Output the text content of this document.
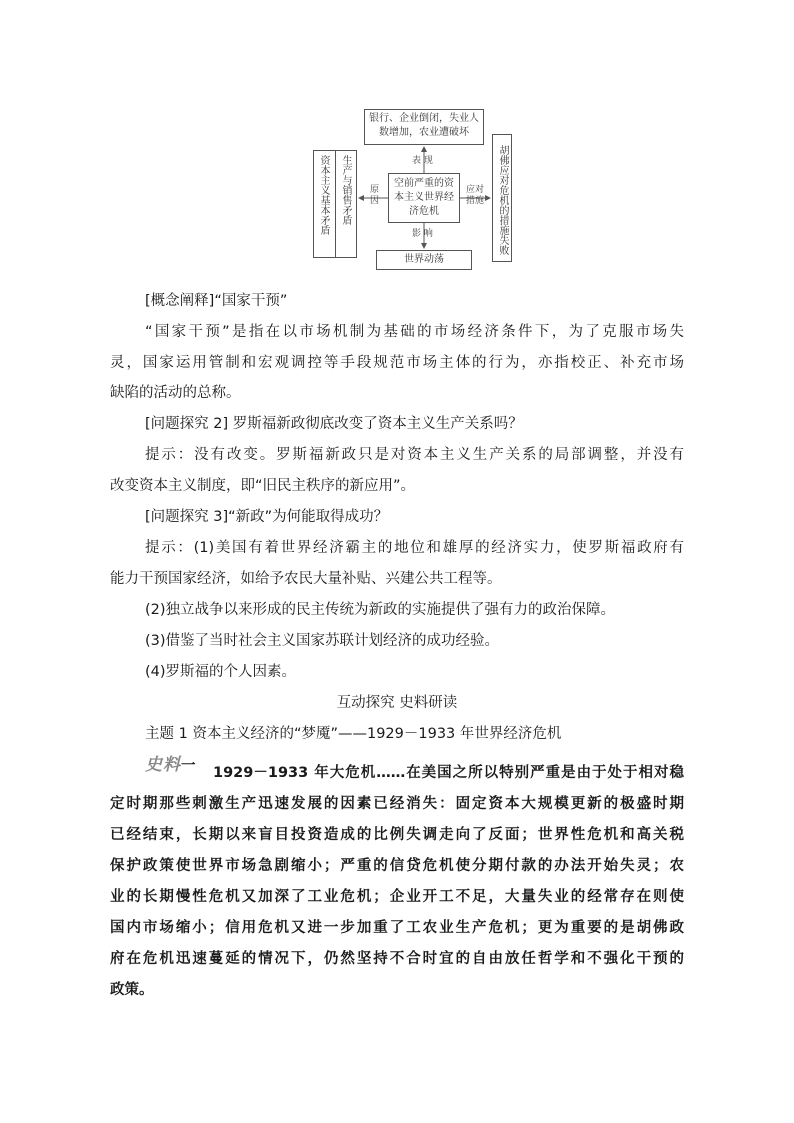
银行、企业倒闭，失业人数增加，农业遭破坏
空前严重的资本主义世界经济危机
资本主义基本矛盾 生产与销售矛盾
世界动荡
胡佛应对危机的措施失败
表 现
影 响
原
因
应对
措施
[概念阐释]“国家干预”
“国家干预”是指在以市场机制为基础的市场经济条件下，为了克服市场失
灵，国家运用管制和宏观调控等手段规范市场主体的行为，亦指校正、补充市场
缺陷的活动的总称。
[问题探究 2] 罗斯福新政彻底改变了资本主义生产关系吗？
提示：没有改变。罗斯福新政只是对资本主义生产关系的局部调整，并没有
改变资本主义制度，即“旧民主秩序的新应用”。
[问题探究 3]“新政”为何能取得成功？
提示：(1)美国有着世界经济霸主的地位和雄厚的经济实力，使罗斯福政府有
能力干预国家经济，如给予农民大量补贴、兴建公共工程等。
(2)独立战争以来形成的民主传统为新政的实施提供了强有力的政治保障。
(3)借鉴了当时社会主义国家苏联计划经济的成功经验。
(4)罗斯福的个人因素。
互动探究 史料研读
主题 1 资本主义经济的“梦魇”——1929－1933 年世界经济危机
史料一	1929－1933 年大危机……在美国之所以特别严重是由于处于相对稳
定时期那些刺激生产迅速发展的因素已经消失：固定资本大规模更新的极盛时期
已经结束，长期以来盲目投资造成的比例失调走向了反面；世界性危机和高关税
保护政策使世界市场急剧缩小；严重的信贷危机使分期付款的办法开始失灵；农
业的长期慢性危机又加深了工业危机；企业开工不足，大量失业的经常存在则使
国内市场缩小；信用危机又进一步加重了工农业生产危机；更为重要的是胡佛政
府在危机迅速蔓延的情况下，仍然坚持不合时宜的自由放任哲学和不强化干预的
政策。
